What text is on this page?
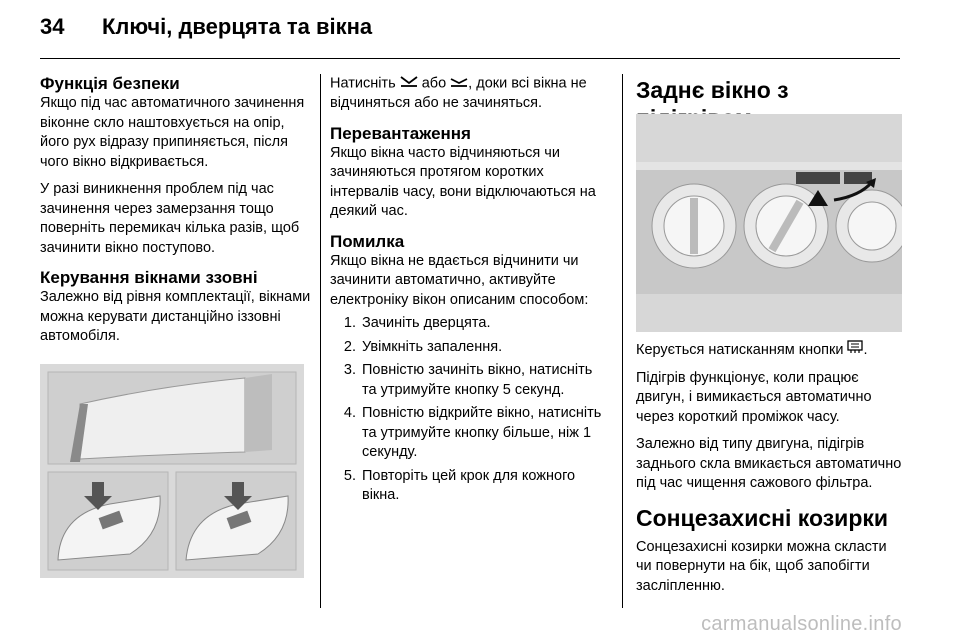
34	Ключі, дверцята та вікна
Функція безпеки

Якщо під час автоматичного зачинення віконне скло наштовхується на опір, його рух відразу припиняється, після чого вікно відкривається.

У разі виникнення проблем під час зачинення через замерзання тощо поверніть перемикач кілька разів, щоб зачинити вікно поступово.

Керування вікнами ззовні

Залежно від рівня комплектації, вікнами можна керувати дистанційно іззовні автомобіля.

Натисніть або , доки всі вікна не відчиняться або не зачиняться.

Перевантаження

Якщо вікна часто відчиняються чи зачиняються протягом коротких інтервалів часу, вони відключаються на деякий час.

Помилка

Якщо вікна не вдається відчинити чи зачинити автоматично, активуйте електроніку вікон описаним способом:

1. Зачиніть дверцята.
2. Увімкніть запалення.
3. Повністю зачиніть вікно, натисніть та утримуйте кнопку 5 секунд.
4. Повністю відкрийте вікно, натисніть та утримуйте кнопку більше, ніж 1 секунду.
5. Повторіть цей крок для кожного вікна.
Заднє вікно з

Керується натисканням кнопки .

Підігрів функціонує, коли працює двигун, і вимикається автоматично через короткий проміжок часу.

Залежно від типу двигуна, підігрів заднього скла вмикається автоматично під час чищення сажового фільтра.

Сонцезахисні козирки

Сонцезахисні козирки можна скласти чи повернути на бік, щоб запобігти засліпленню.

carmanualsonline.info
